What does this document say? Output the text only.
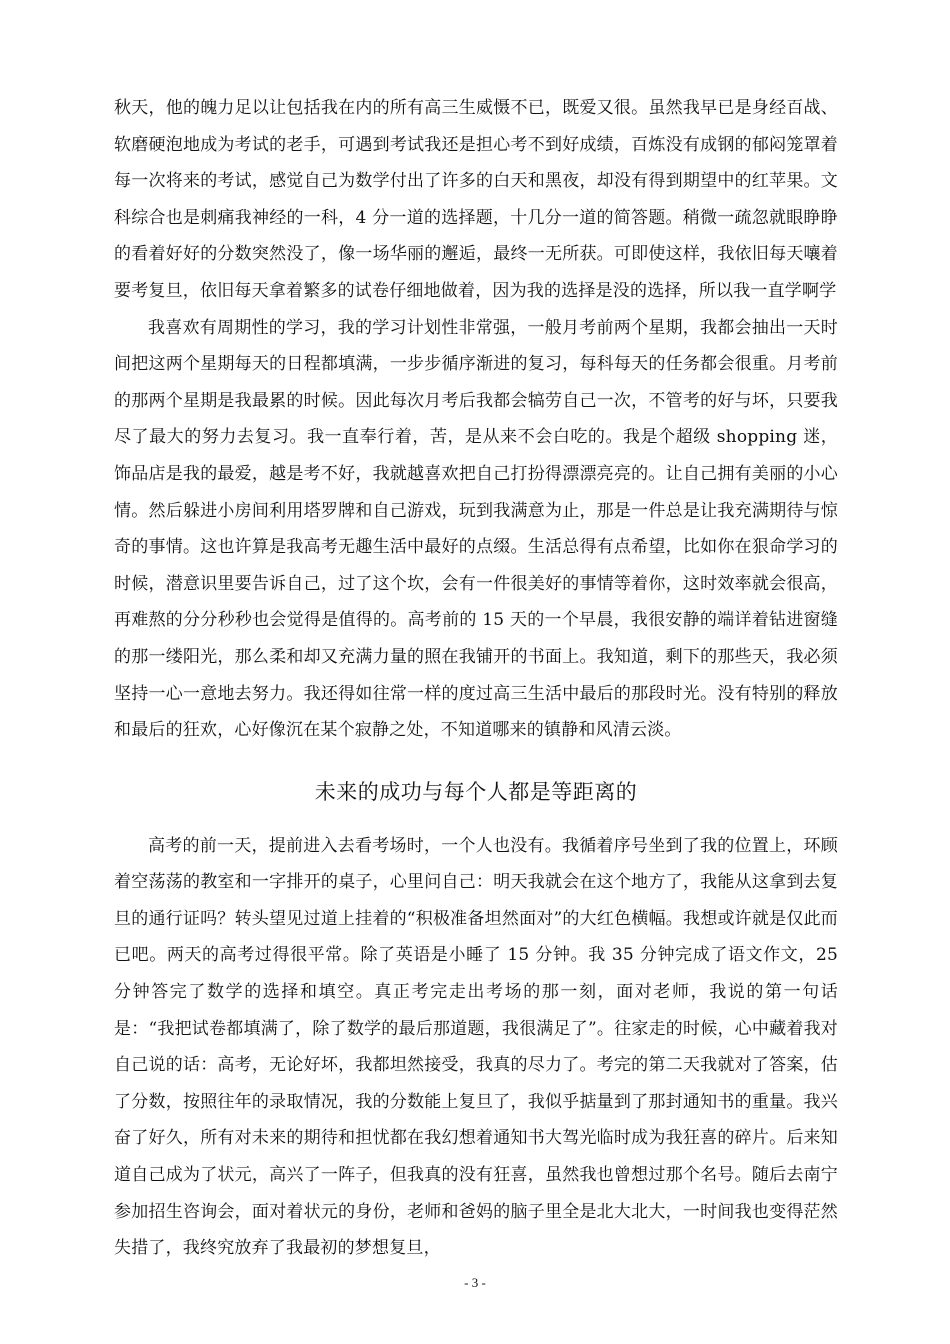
秋天，他的魄力足以让包括我在内的所有高三生威慑不已，既爱又很。虽然我早已是身经百战、软磨硬泡地成为考试的老手，可遇到考试我还是担心考不到好成绩，百炼没有成钢的郁闷笼罩着每一次将来的考试，感觉自己为数学付出了许多的白天和黑夜，却没有得到期望中的红苹果。文科综合也是刺痛我神经的一科，4 分一道的选择题，十几分一道的简答题。稍微一疏忽就眼睁睁的看着好好的分数突然没了，像一场华丽的邂逅，最终一无所获。可即使这样，我依旧每天嚷着要考复旦，依旧每天拿着繁多的试卷仔细地做着，因为我的选择是没的选择，所以我一直学啊学

我喜欢有周期性的学习，我的学习计划性非常强，一般月考前两个星期，我都会抽出一天时间把这两个星期每天的日程都填满，一步步循序渐进的复习，每科每天的任务都会很重。月考前的那两个星期是我最累的时候。因此每次月考后我都会犒劳自己一次，不管考的好与坏，只要我尽了最大的努力去复习。我一直奉行着，苦，是从来不会白吃的。我是个超级 shopping 迷，饰品店是我的最爱，越是考不好，我就越喜欢把自己打扮得漂漂亮亮的。让自己拥有美丽的小心情。然后躲进小房间利用塔罗牌和自己游戏，玩到我满意为止，那是一件总是让我充满期待与惊奇的事情。这也许算是我高考无趣生活中最好的点缀。生活总得有点希望，比如你在狠命学习的时候，潜意识里要告诉自己，过了这个坎，会有一件很美好的事情等着你，这时效率就会很高，再难熬的分分秒秒也会觉得是值得的。高考前的 15 天的一个早晨，我很安静的端详着钻进窗缝的那一缕阳光，那么柔和却又充满力量的照在我铺开的书面上。我知道，剩下的那些天，我必须坚持一心一意地去努力。我还得如往常一样的度过高三生活中最后的那段时光。没有特别的释放和最后的狂欢，心好像沉在某个寂静之处，不知道哪来的镇静和风清云淡。

未来的成功与每个人都是等距离的

高考的前一天，提前进入去看考场时，一个人也没有。我循着序号坐到了我的位置上，环顾着空荡荡的教室和一字排开的桌子，心里问自己：明天我就会在这个地方了，我能从这拿到去复旦的通行证吗？转头望见过道上挂着的“积极准备坦然面对”的大红色横幅。我想或许就是仅此而已吧。两天的高考过得很平常。除了英语是小睡了 15 分钟。我 35 分钟完成了语文作文，25 分钟答完了数学的选择和填空。真正考完走出考场的那一刻，面对老师，我说的第一句话是：“我把试卷都填满了，除了数学的最后那道题，我很满足了”。往家走的时候，心中藏着我对自己说的话：高考，无论好坏，我都坦然接受，我真的尽力了。考完的第二天我就对了答案，估了分数，按照往年的录取情况，我的分数能上复旦了，我似乎掂量到了那封通知书的重量。我兴奋了好久，所有对未来的期待和担忧都在我幻想着通知书大驾光临时成为我狂喜的碎片。后来知道自己成为了状元，高兴了一阵子，但我真的没有狂喜，虽然我也曾想过那个名号。随后去南宁参加招生咨询会，面对着状元的身份，老师和爸妈的脑子里全是北大北大，一时间我也变得茫然失措了，我终究放弃了我最初的梦想复旦，

- 3 -
